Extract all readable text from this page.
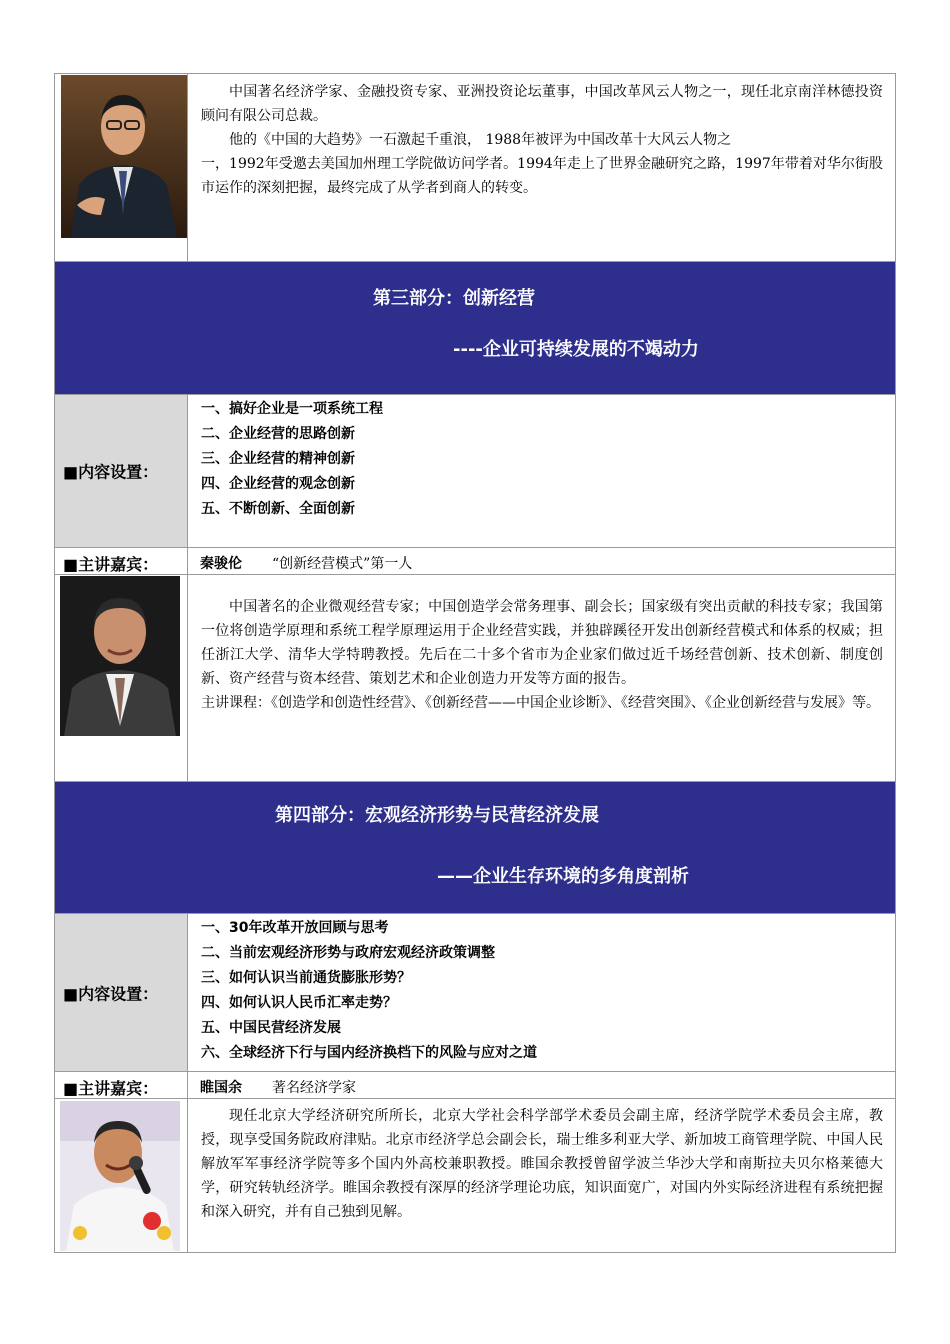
中国著名经济学家、金融投资专家、亚洲投资论坛董事，中国改革风云人物之一，现任北京南洋林德投资顾问有限公司总裁。

他的《中国的大趋势》一石激起千重浪， 1988年被评为中国改革十大风云人物之

一，1992年受邀去美国加州理工学院做访问学者。1994年走上了世界金融研究之路，1997年带着对华尔街股市运作的深刻把握，最终完成了从学者到商人的转变。

第三部分：创新经营
----企业可持续发展的不竭动力
■内容设置：
一、搞好企业是一项系统工程
二、企业经营的思路创新
三、企业经营的精神创新
四、企业经营的观念创新
五、不断创新、全面创新
■主讲嘉宾：	秦骏伦 “创新经营模式”第一人

中国著名的企业微观经营专家；中国创造学会常务理事、副会长；国家级有突出贡献的科技专家；我国第一位将创造学原理和系统工程学原理运用于企业经营实践，并独辟蹊径开发出创新经营模式和体系的权威；担任浙江大学、清华大学特聘教授。先后在二十多个省市为企业家们做过近千场经营创新、技术创新、制度创新、资产经营与资本经营、策划艺术和企业创造力开发等方面的报告。

主讲课程：《创造学和创造性经营》、《创新经营——中国企业诊断》、《经营突围》、《企业创新经营与发展》等。

第四部分：宏观经济形势与民营经济发展
——企业生存环境的多角度剖析
■内容设置：
一、30年改革开放回顾与思考
二、当前宏观经济形势与政府宏观经济政策调整
三、如何认识当前通货膨胀形势？
四、如何认识人民币汇率走势？
五、中国民营经济发展
六、全球经济下行与国内经济换档下的风险与应对之道
■主讲嘉宾：	睢国余 著名经济学家

现任北京大学经济研究所所长，北京大学社会科学部学术委员会副主席，经济学院学术委员会主席，教授，现享受国务院政府津贴。北京市经济学总会副会长，瑞士维多利亚大学、新加坡工商管理学院、中国人民解放军军事经济学院等多个国内外高校兼职教授。睢国余教授曾留学波兰华沙大学和南斯拉夫贝尔格莱德大学，研究转轨经济学。睢国余教授有深厚的经济学理论功底，知识面宽广，对国内外实际经济进程有系统把握和深入研究，并有自己独到见解。
